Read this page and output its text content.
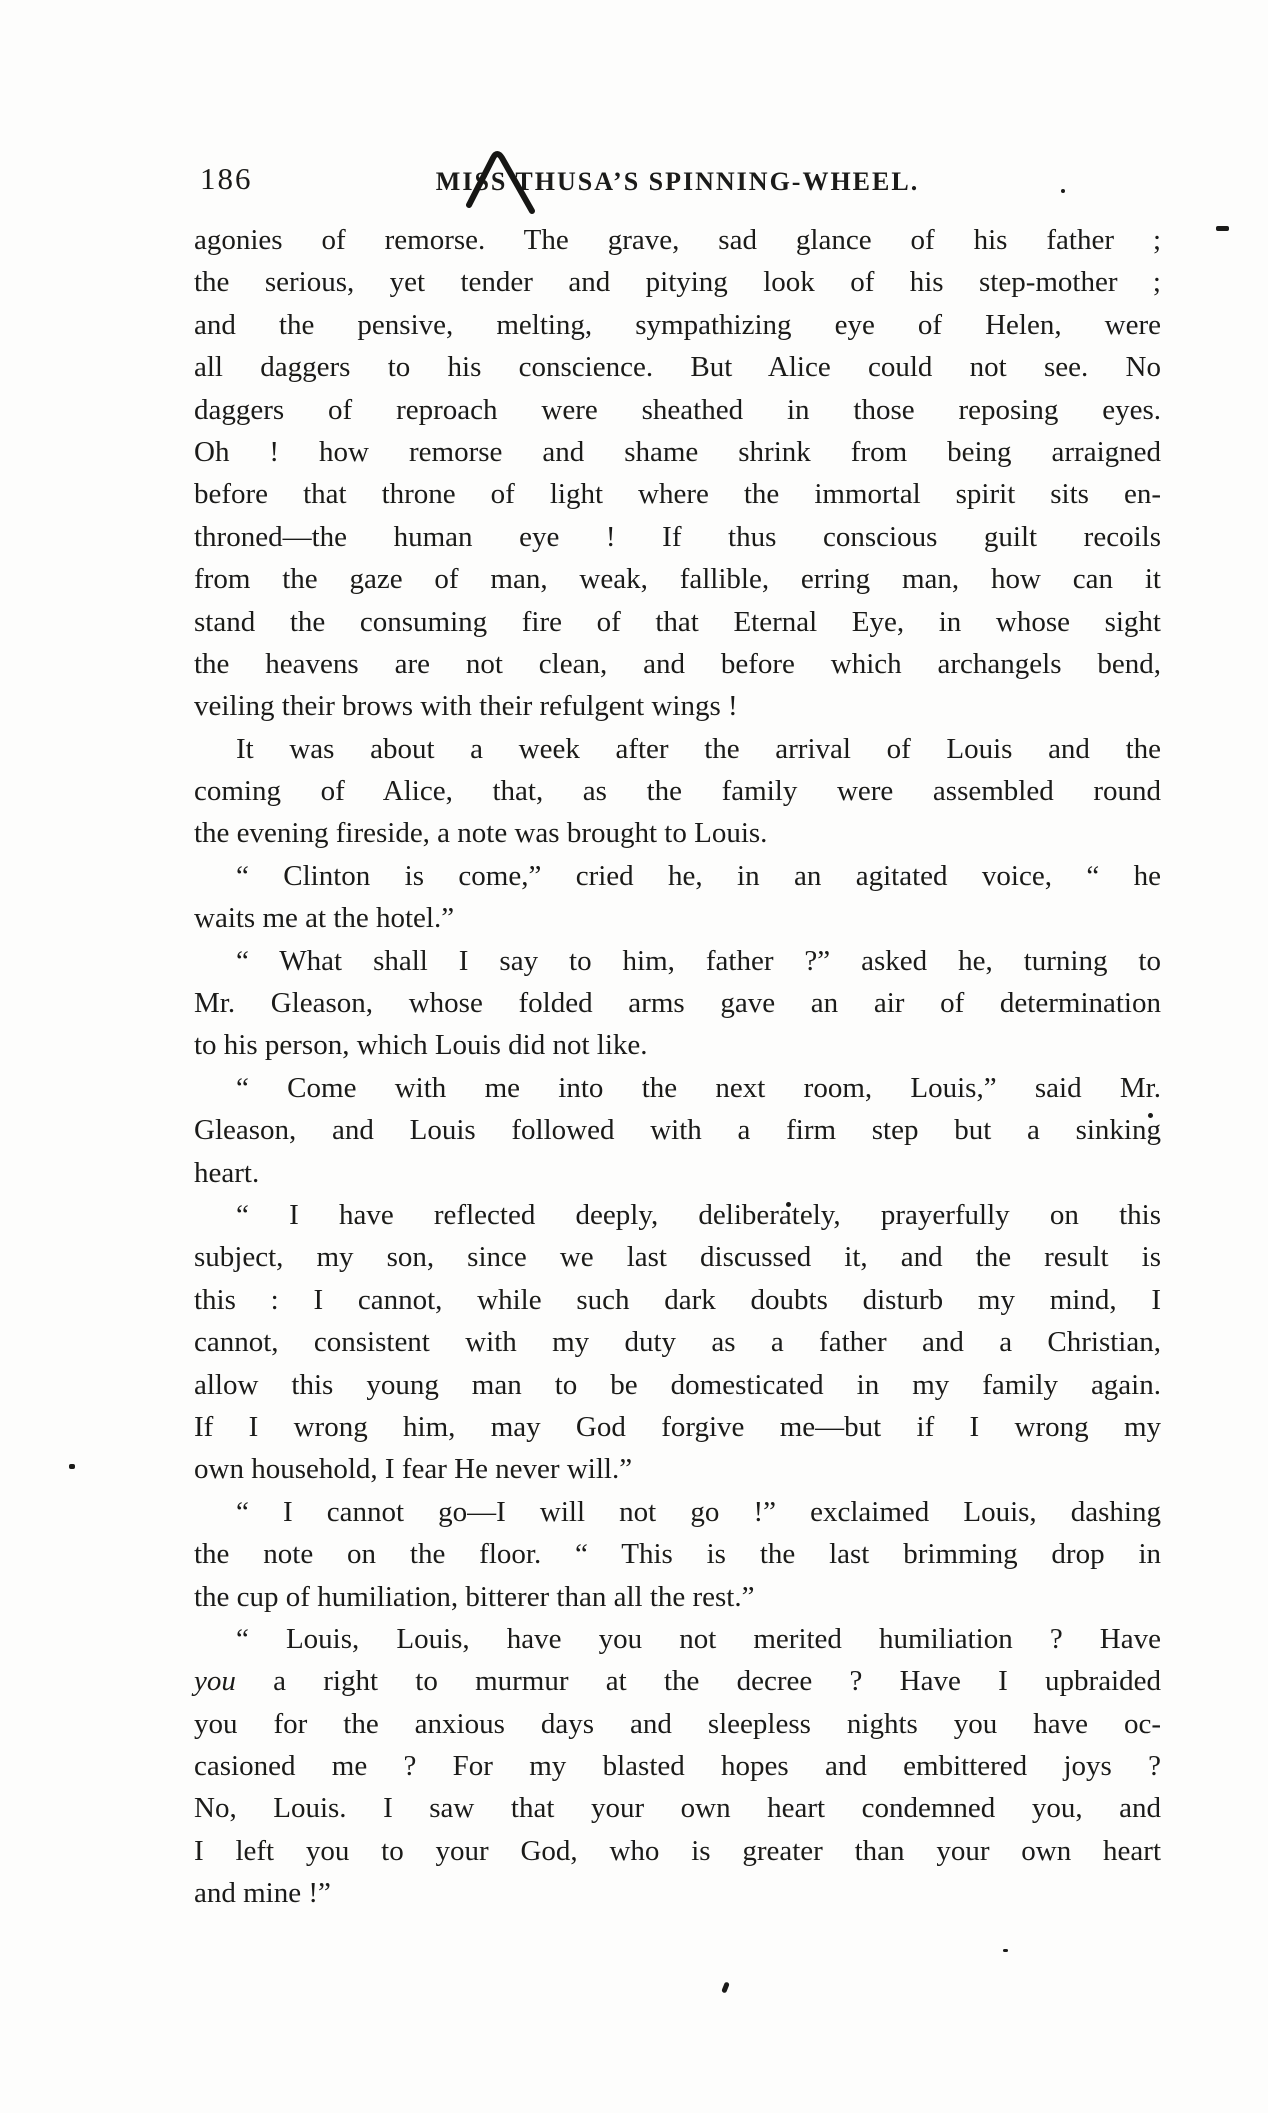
186	MISS THUSA’S SPINNING-WHEEL.
agonies of remorse. The grave, sad glance of his father ;
the serious, yet tender and pitying look of his step-mother ;
and the pensive, melting, sympathizing eye of Helen, were
all daggers to his conscience. But Alice could not see. No
daggers of reproach were sheathed in those reposing eyes.
Oh ! how remorse and shame shrink from being arraigned
before that throne of light where the immortal spirit sits en-
throned—the human eye ! If thus conscious guilt recoils
from the gaze of man, weak, fallible, erring man, how can it
stand the consuming fire of that Eternal Eye, in whose sight
the heavens are not clean, and before which archangels bend,
veiling their brows with their refulgent wings !
It was about a week after the arrival of Louis and the
coming of Alice, that, as the family were assembled round
the evening fireside, a note was brought to Louis.
“ Clinton is come,” cried he, in an agitated voice, “ he
waits me at the hotel.”
“ What shall I say to him, father ?” asked he, turning to
Mr. Gleason, whose folded arms gave an air of determination
to his person, which Louis did not like.
“ Come with me into the next room, Louis,” said Mr.
Gleason, and Louis followed with a firm step but a sinking
heart.
“ I have reflected deeply, deliberately, prayerfully on this
subject, my son, since we last discussed it, and the result is
this : I cannot, while such dark doubts disturb my mind, I
cannot, consistent with my duty as a father and a Christian,
allow this young man to be domesticated in my family again.
If I wrong him, may God forgive me—but if I wrong my
own household, I fear He never will.”
“ I cannot go—I will not go !” exclaimed Louis, dashing
the note on the floor. “ This is the last brimming drop in
the cup of humiliation, bitterer than all the rest.”
“ Louis, Louis, have you not merited humiliation ? Have
you a right to murmur at the decree ? Have I upbraided
you for the anxious days and sleepless nights you have oc-
casioned me ? For my blasted hopes and embittered joys ?
No, Louis. I saw that your own heart condemned you, and
I left you to your God, who is greater than your own heart
and mine !”
